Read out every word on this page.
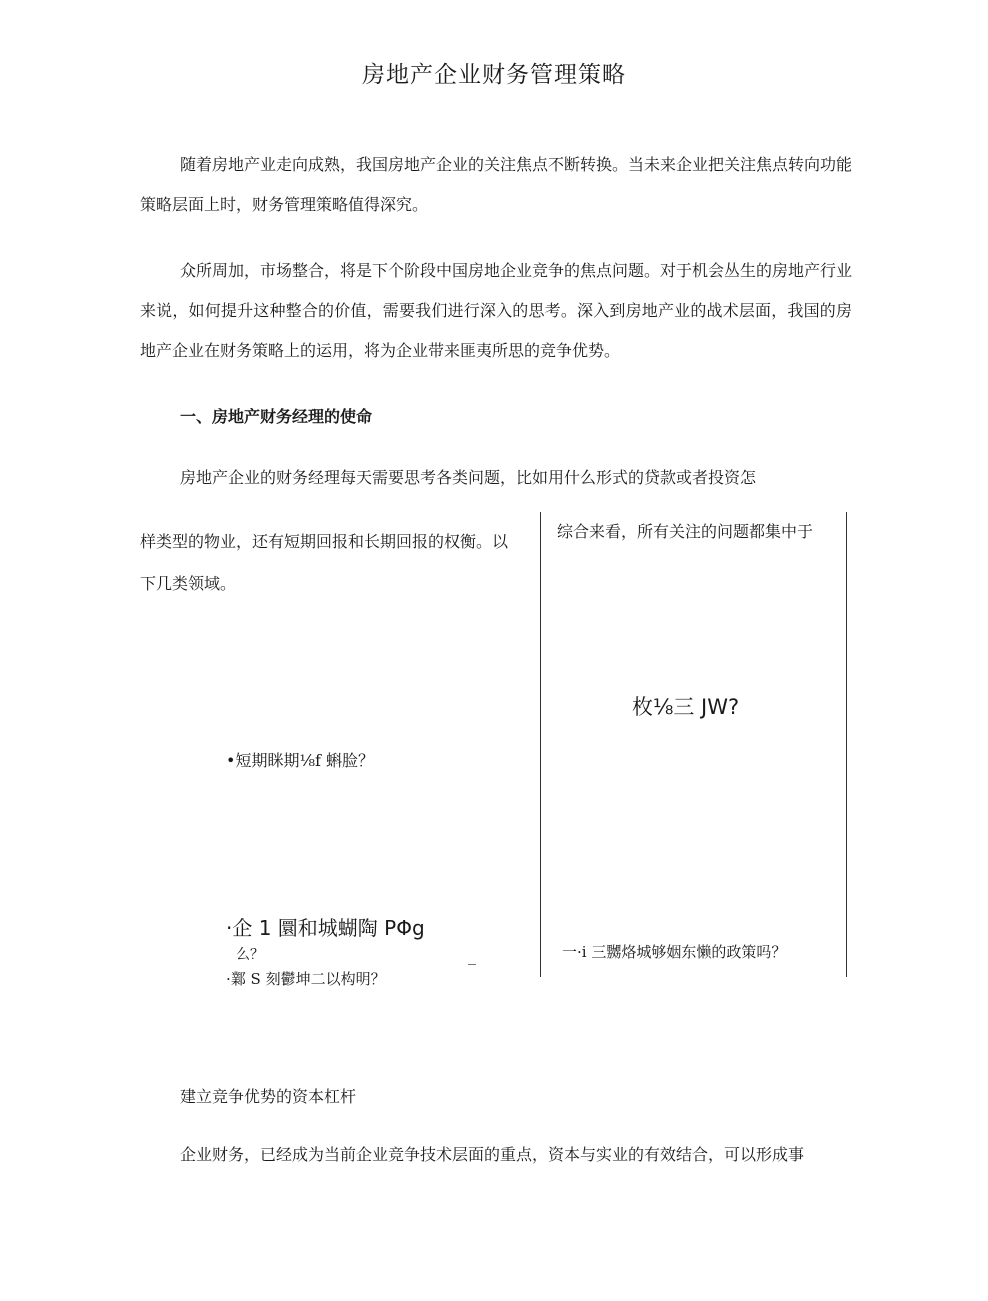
房地产企业财务管理策略
随着房地产业走向成熟，我国房地产企业的关注焦点不断转换。当未来企业把关注焦点转向功能策略层面上时，财务管理策略值得深究。
众所周加，市场整合，将是下个阶段中国房地企业竞争的焦点问题。对于机会丛生的房地产行业来说，如何提升这种整合的价值，需要我们进行深入的思考。深入到房地产业的战术层面，我国的房地产企业在财务策略上的运用，将为企业带来匪夷所思的竞争优势。
一、房地产财务经理的使命
房地产企业的财务经理每天需要思考各类问题，比如用什么形式的贷款或者投资怎
样类型的物业，还有短期回报和长期回报的权衡。以
下几类领域。
综合来看，所有关注的问题都集中于
枚⅛三 JW?
•短期眯期⅛f 蝌脸？
·企 1 圜和城蝴陶 PΦg
么？
·鄴 S 刻鬱坤二以构明？
_	一·i 三嬲烙城够姻东懒的政策吗？
建立竞争优势的资本杠杆
企业财务，已经成为当前企业竞争技术层面的重点，资本与实业的有效结合，可以形成事
